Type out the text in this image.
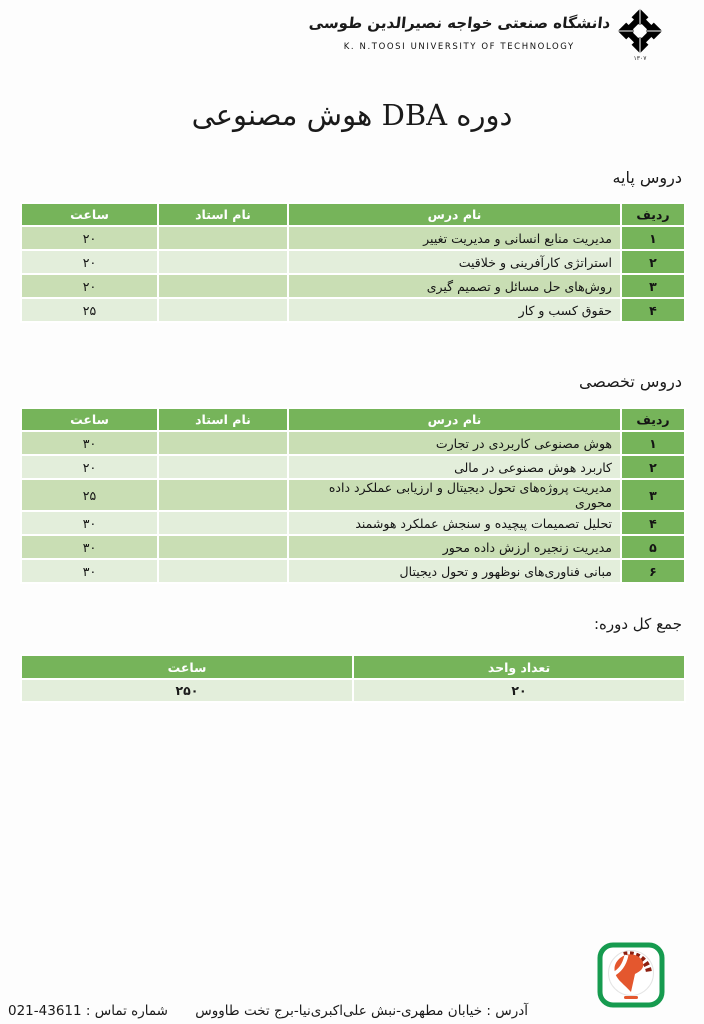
دانشگاه صنعتی خواجه نصیرالدین طوسی
K. N.TOOSI UNIVERSITY OF TECHNOLOGY
۱۳۰۷
دوره DBA هوش مصنوعی
دروس پایه
ردیف	نام درس	نام استاد	ساعت
۱	مدیریت منابع انسانی و مدیریت تغییر		۲۰
۲	استراتژی کارآفرینی و خلاقیت		۲۰
۳	روش‌های حل مسائل و تصمیم گیری		۲۰
۴	حقوق کسب و کار		۲۵
دروس تخصصی
ردیف	نام درس	نام استاد	ساعت
۱	هوش مصنوعی کاربردی در تجارت		۳۰
۲	کاربرد هوش مصنوعی در مالی		۲۰
۳	مدیریت پروژه‌های تحول دیجیتال و ارزیابی عملکرد داده محوری		۲۵
۴	تحلیل تصمیمات پیچیده و سنجش عملکرد هوشمند		۳۰
۵	مدیریت زنجیره ارزش داده محور		۳۰
۶	مبانی فناوری‌های نوظهور و تحول دیجیتال		۳۰
جمع کل دوره:
تعداد واحد	ساعت
۲۰	۲۵۰
آدرس : خیابان مطهری-نبش علی‌اکبری‌نیا-برج تخت طاووس
شماره تماس : 021-43611
